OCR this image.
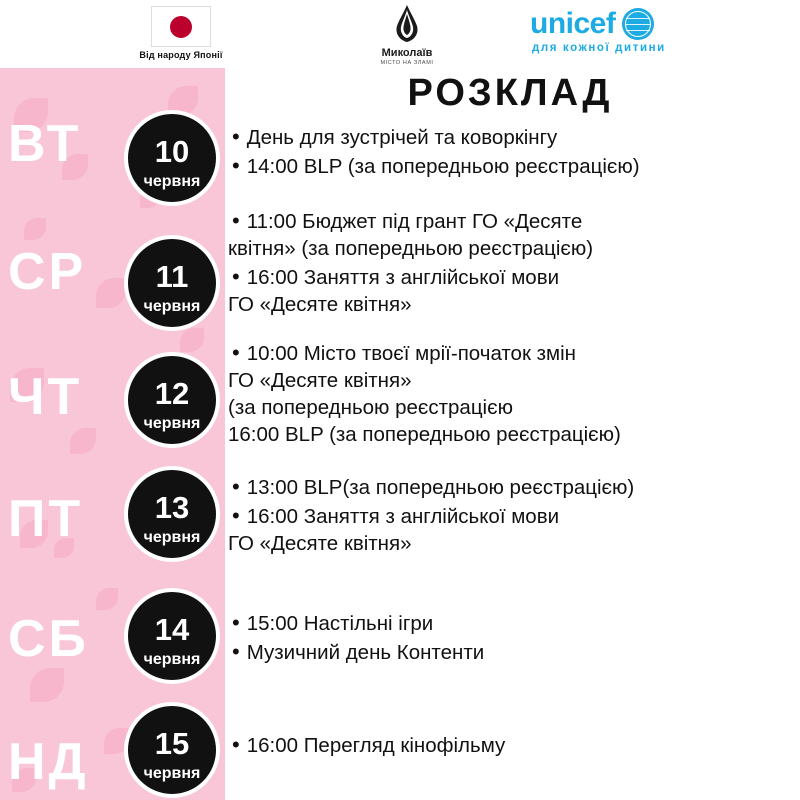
Від народу Японії	Миколаїв
МІСТО НА ЗЛАМІ
unicef
для кожної дитини
ВТ
СР
ЧТ
ПТ
СБ
НД
10
червня
11
червня
12
червня
13
червня
14
червня
15
червня
РОЗКЛАД
• День для зустрічей та коворкінгу
• 14:00 BLP (за попередньою реєстрацією)
• 11:00 Бюджет під грант ГО «Десяте
квітня» (за попередньою реєстрацією)
• 16:00 Заняття з англійської мови
ГО «Десяте квітня»
• 10:00 Місто твоєї мрії-початок змін
ГО «Десяте квітня»
(за попередньою реєстрацією
16:00 BLP (за попередньою реєстрацією)
• 13:00 BLP(за попередньою реєстрацією)
• 16:00 Заняття з англійської мови
ГО «Десяте квітня»
• 15:00 Настільні ігри
• Музичний день Контенти
• 16:00 Перегляд кінофільму
